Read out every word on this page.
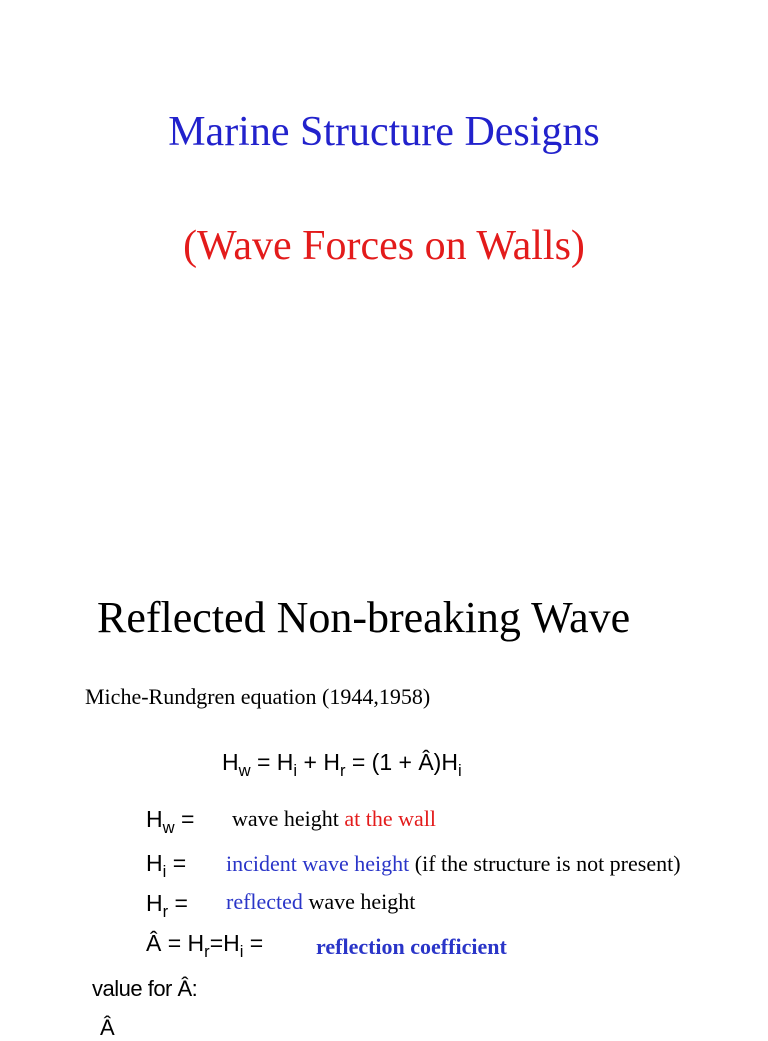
Marine Structure Designs
(Wave Forces on Walls)
Reflected Non-breaking Wave
Miche-Rundgren equation (1944,1958)
$H_w = H_i + H_r = (1$ + $Â)H_i$
$H_w$ = wave height at the wall
$H_i$ = incident wave height (if the structure is not present)
$H_r$ = reflected wave height
Â = $H_r=H_i$ = reflection coefficient
value for Â:
Â
